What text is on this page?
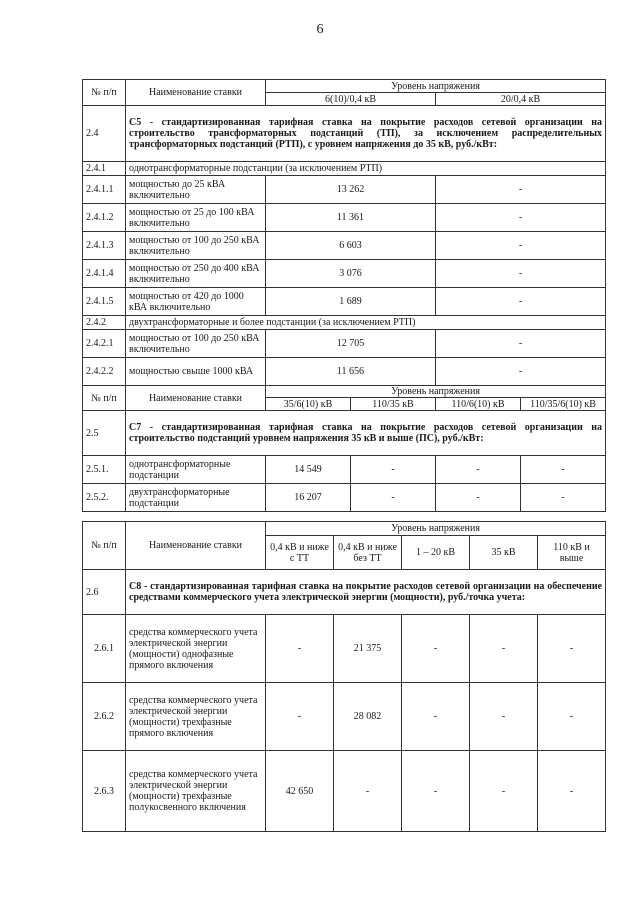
6
№ п/п	Наименование ставки	Уровень напряжения			
		6(10)/0,4 кВ		20/0,4 кВ	
2.4	С5 - стандартизированная тарифная ставка на покрытие расходов сетевой организации на строительство трансформаторных подстанций (ТП), за исключением распределительных трансформаторных подстанций (РТП), с уровнем напряжения до 35 кВ, руб./кВт:				
2.4.1	однотрансформаторные подстанции (за исключением РТП)				
2.4.1.1	мощностью до 25 кВА включительно	13 262		-	
2.4.1.2	мощностью от 25 до 100 кВА включительно	11 361		-	
2.4.1.3	мощностью от 100 до 250 кВА включительно	6 603		-	
2.4.1.4	мощностью от 250 до 400 кВА включительно	3 076		-	
2.4.1.5	мощностью от 420 до 1000 кВА включительно	1 689		-	
2.4.2	двухтрансформаторные и более подстанции (за исключением РТП)				
2.4.2.1	мощностью от 100 до 250 кВА включительно	12 705		-	
2.4.2.2	мощностью свыше 1000 кВА	11 656		-	
№ п/п	Наименование ставки	Уровень напряжения			
		35/6(10) кВ	110/35 кВ	110/6(10) кВ	110/35/6(10) кВ
2.5	С7 - стандартизированная тарифная ставка на покрытие расходов сетевой организации на строительство подстанций уровнем напряжения 35 кВ и выше (ПС), руб./кВт:				
2.5.1.	однотрансформаторные подстанции	14 549	-	-	-
2.5.2.	двухтрансформаторные подстанции	16 207	-	-	-
№ п/п	Наименование ставки	Уровень напряжения				
		0,4 кВ и ниже с ТТ	0,4 кВ и ниже без ТТ	1 – 20 кВ	35 кВ	110 кВ и выше
2.6	С8 - стандартизированная тарифная ставка на покрытие расходов сетевой организации на обеспечение средствами коммерческого учета электрической энергии (мощности), руб./точка учета:					
2.6.1	средства коммерческого учета электрической энергии (мощности) однофазные прямого включения	-	21 375	-	-	-
2.6.2	средства коммерческого учета электрической энергии (мощности) трехфазные прямого включения	-	28 082	-	-	-
2.6.3	средства коммерческого учета электрической энергии (мощности) трехфазные полукосвенного включения	42 650	-	-	-	-
